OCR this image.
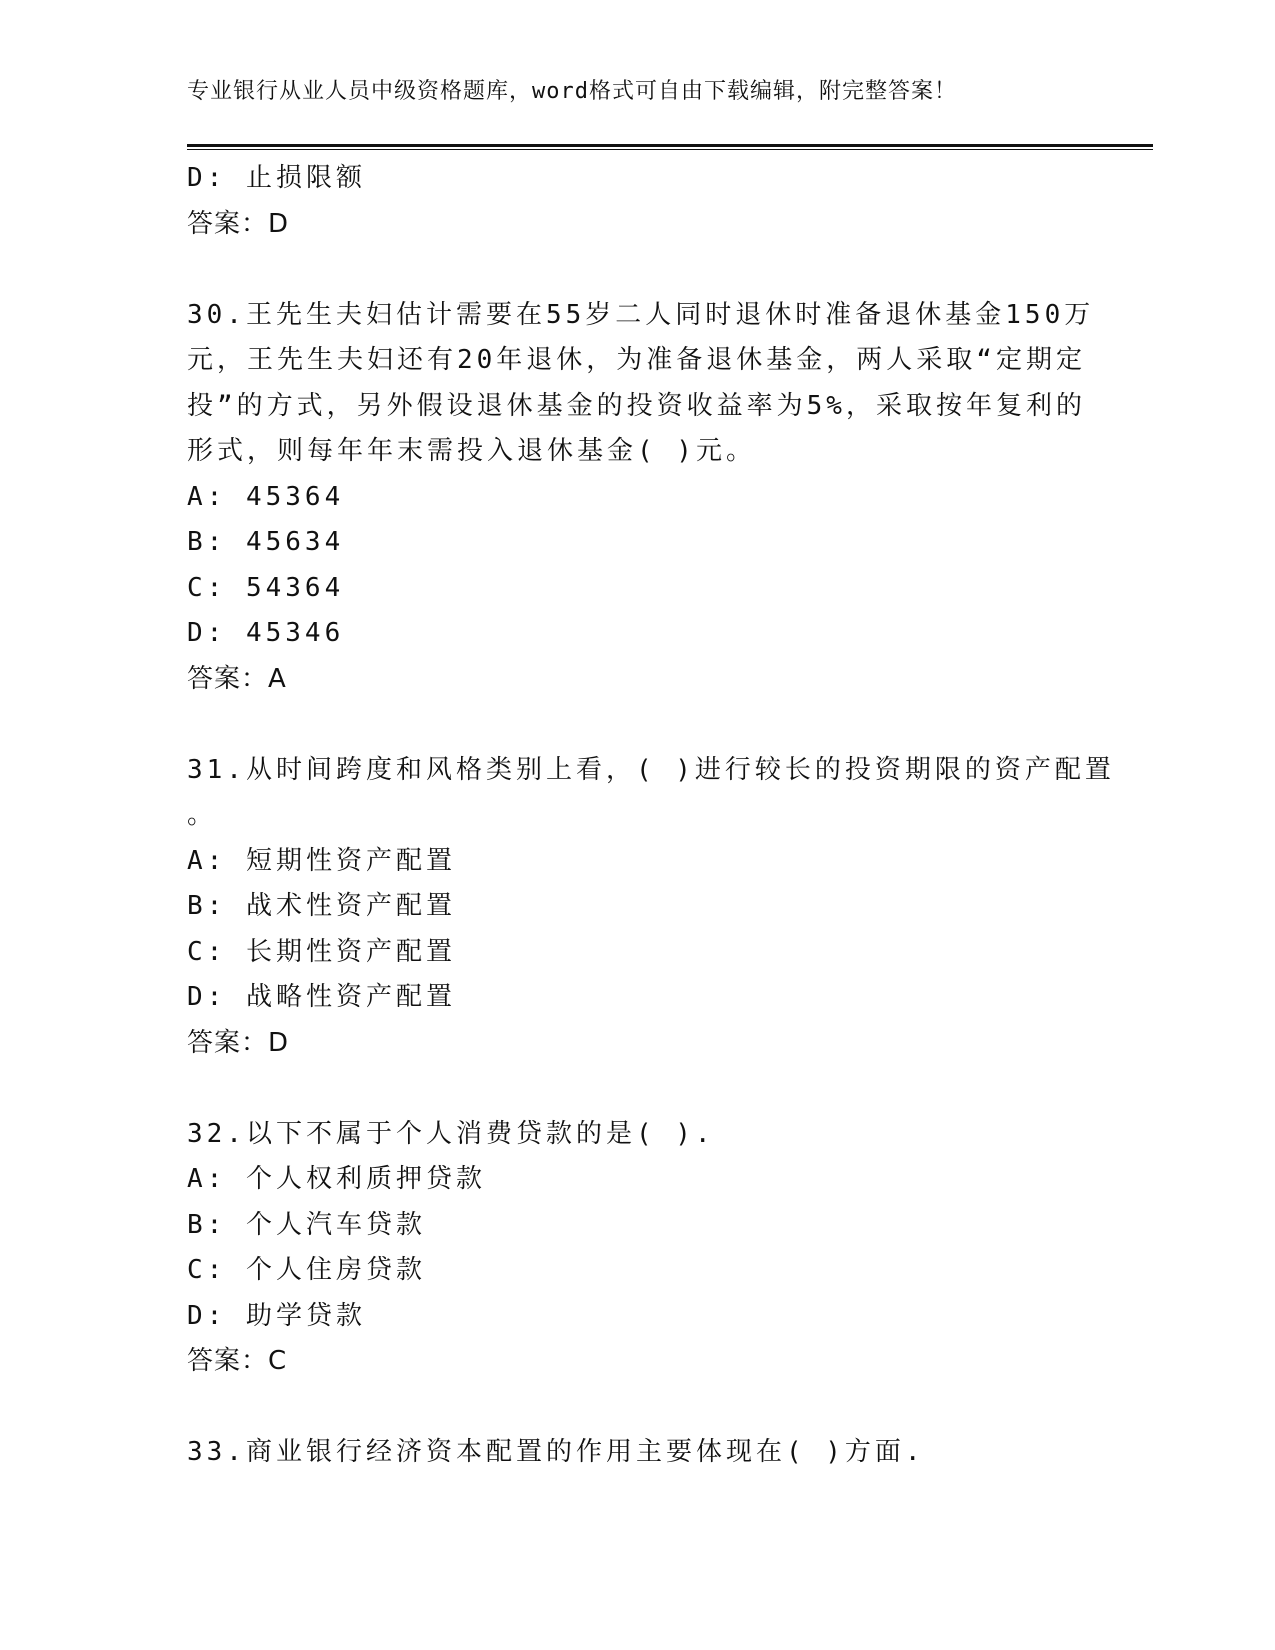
专业银行从业人员中级资格题库，word格式可自由下载编辑，附完整答案！
D: 止损限额
答案：D
30.王先生夫妇估计需要在55岁二人同时退休时准备退休基金150万
元，王先生夫妇还有20年退休，为准备退休基金，两人采取“定期定
投”的方式，另外假设退休基金的投资收益率为5%，采取按年复利的
形式，则每年年末需投入退休基金( )元。
A: 45364
B: 45634
C: 54364
D: 45346
答案：A
31.从时间跨度和风格类别上看，( )进行较长的投资期限的资产配置
。
A: 短期性资产配置
B: 战术性资产配置
C: 长期性资产配置
D: 战略性资产配置
答案：D
32.以下不属于个人消费贷款的是( ).
A: 个人权利质押贷款
B: 个人汽车贷款
C: 个人住房贷款
D: 助学贷款
答案：C
33.商业银行经济资本配置的作用主要体现在( )方面.
